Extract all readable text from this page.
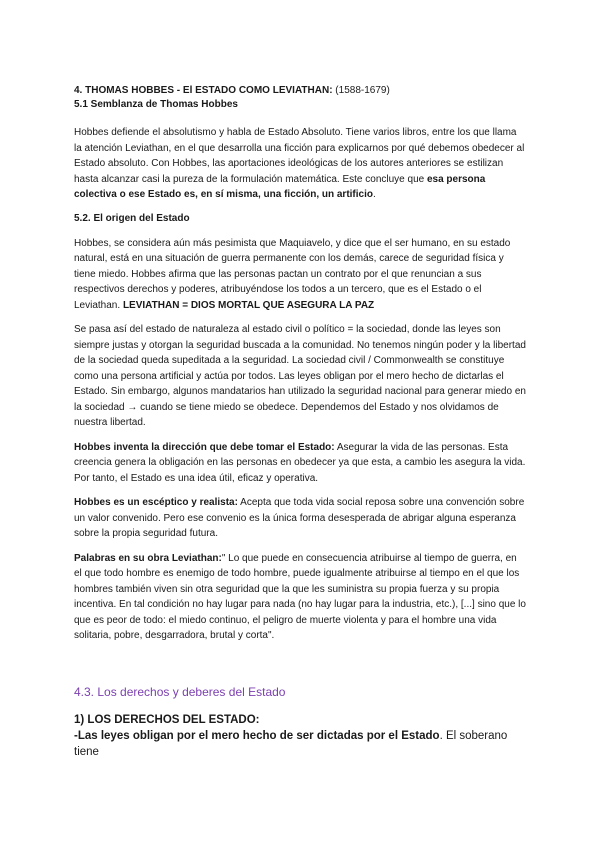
4. THOMAS HOBBES - El ESTADO COMO LEVIATHAN: (1588-1679)
5.1 Semblanza de Thomas Hobbes

Hobbes defiende el absolutismo y habla de Estado Absoluto. Tiene varios libros, entre los que llama la atención Leviathan, en el que desarrolla una ficción para explicarnos por qué debemos obedecer al Estado absoluto. Con Hobbes, las aportaciones ideológicas de los autores anteriores se estilizan hasta alcanzar casi la pureza de la formulación matemática. Este concluye que esa persona colectiva o ese Estado es, en sí misma, una ficción, un artificio.

5.2. El origen del Estado

Hobbes, se considera aún más pesimista que Maquiavelo, y dice que el ser humano, en su estado natural, está en una situación de guerra permanente con los demás, carece de seguridad física y tiene miedo. Hobbes afirma que las personas pactan un contrato por el que renuncian a sus respectivos derechos y poderes, atribuyéndose los todos a un tercero, que es el Estado o el Leviathan. LEVIATHAN = DIOS MORTAL QUE ASEGURA LA PAZ

Se pasa así del estado de naturaleza al estado civil o político = la sociedad, donde las leyes son siempre justas y otorgan la seguridad buscada a la comunidad. No tenemos ningún poder y la libertad de la sociedad queda supeditada a la seguridad. La sociedad civil / Commonwealth se constituye como una persona artificial y actúa por todos. Las leyes obligan por el mero hecho de dictarlas el Estado. Sin embargo, algunos mandatarios han utilizado la seguridad nacional para generar miedo en la sociedad → cuando se tiene miedo se obedece. Dependemos del Estado y nos olvidamos de nuestra libertad.

Hobbes inventa la dirección que debe tomar el Estado: Asegurar la vida de las personas. Esta creencia genera la obligación en las personas en obedecer ya que esta, a cambio les asegura la vida. Por tanto, el Estado es una idea útil, eficaz y operativa.

Hobbes es un escéptico y realista: Acepta que toda vida social reposa sobre una convención sobre un valor convenido. Pero ese convenio es la única forma desesperada de abrigar alguna esperanza sobre la propia seguridad futura.

Palabras en su obra Leviathan:" Lo que puede en consecuencia atribuirse al tiempo de guerra, en el que todo hombre es enemigo de todo hombre, puede igualmente atribuirse al tiempo en el que los hombres también viven sin otra seguridad que la que les suministra su propia fuerza y su propia incentiva. En tal condición no hay lugar para nada (no hay lugar para la industria, etc.), [...] sino que lo que es peor de todo: el miedo continuo, el peligro de muerte violenta y para el hombre una vida solitaria, pobre, desgarradora, brutal y corta".

4.3. Los derechos y deberes del Estado
1) LOS DERECHOS DEL ESTADO:
-Las leyes obligan por el mero hecho de ser dictadas por el Estado. El soberano tiene
